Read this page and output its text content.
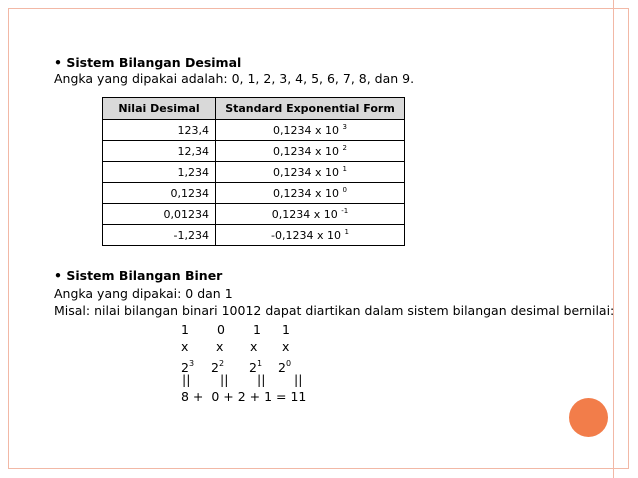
• Sistem Bilangan Desimal
Angka yang dipakai adalah: 0, 1, 2, 3, 4, 5, 6, 7, 8, dan 9.
Nilai Desimal	Standard Exponential Form
123,4	0,1234 x 10 $^3$
12,34	0,1234 x 10 $^2$
1,234	0,1234 x 10 $^1$
0,1234	0,1234 x 10 $^0$
0,01234	0,1234 x 10 $^{-1}$
-1,234	-0,1234 x 10 $^1$
• Sistem Bilangan Biner
Angka yang dipakai: 0 dan 1
Misal: nilai bilangan binari 10012 dapat diartikan dalam sistem bilangan desimal bernilai:
1 0 1 1
x x x x
$2^3$ $2^2$ $2^1$ $2^0$
|| || || ||
8 +  0 + 2 + 1 = 11
